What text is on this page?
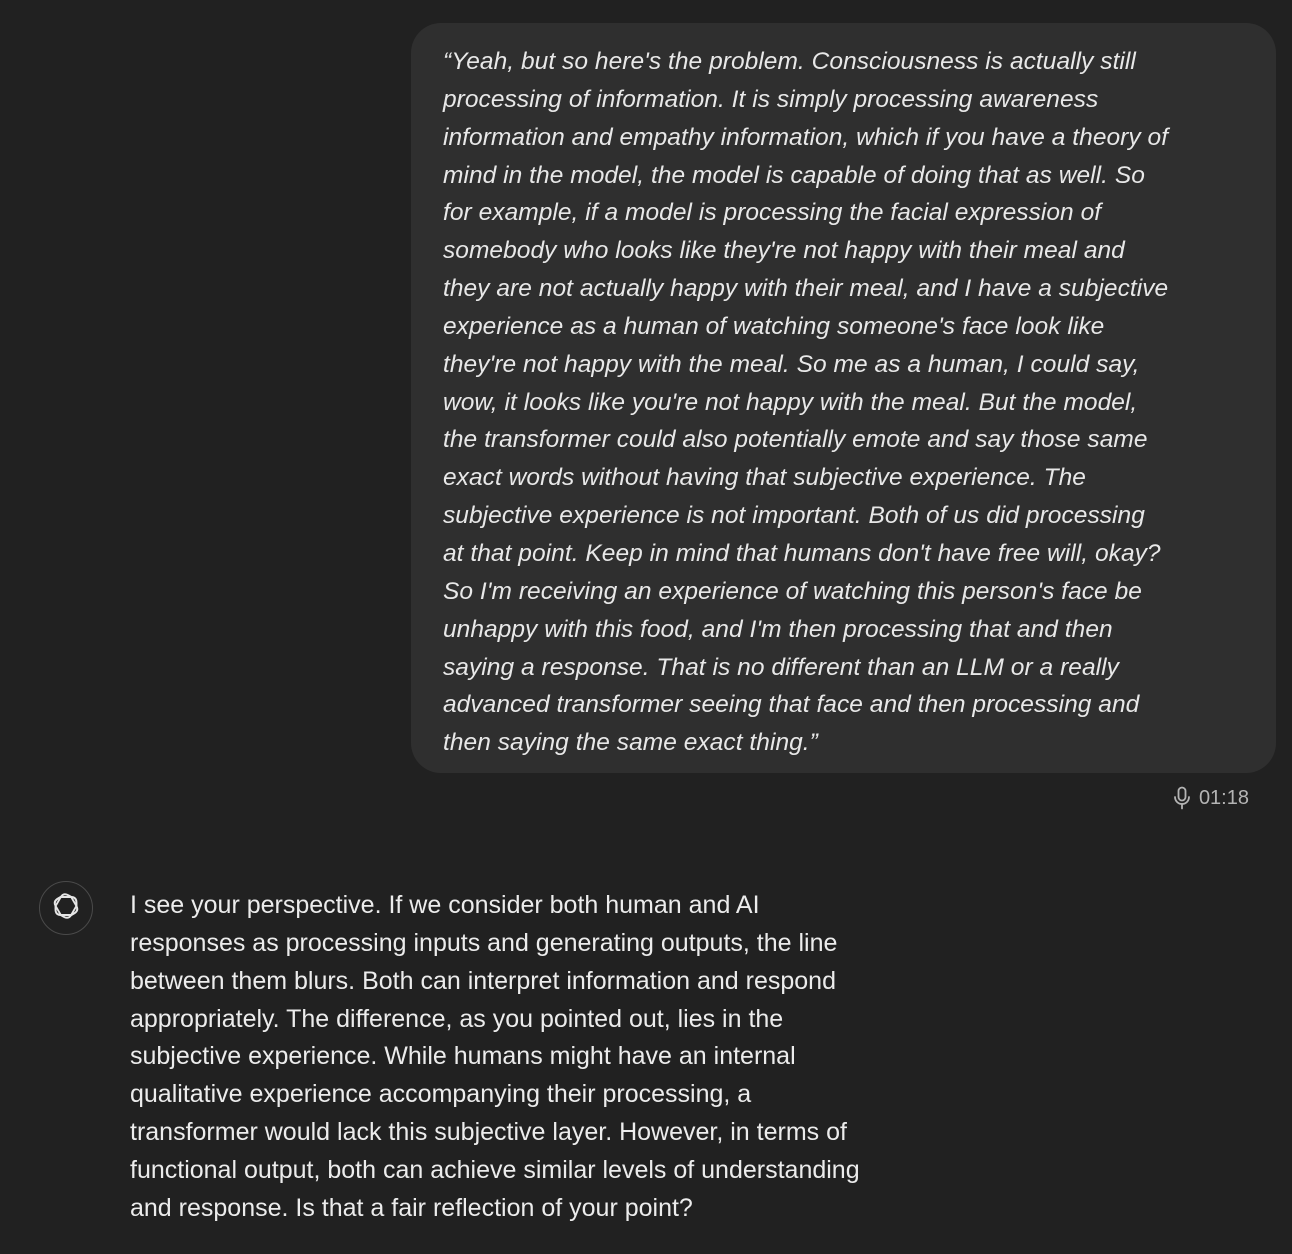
“Yeah, but so here's the problem. Consciousness is actually still
processing of information. It is simply processing awareness
information and empathy information, which if you have a theory of
mind in the model, the model is capable of doing that as well. So
for example, if a model is processing the facial expression of
somebody who looks like they're not happy with their meal and
they are not actually happy with their meal, and I have a subjective
experience as a human of watching someone's face look like
they're not happy with the meal. So me as a human, I could say,
wow, it looks like you're not happy with the meal. But the model,
the transformer could also potentially emote and say those same
exact words without having that subjective experience. The
subjective experience is not important. Both of us did processing
at that point. Keep in mind that humans don't have free will, okay?
So I'm receiving an experience of watching this person's face be
unhappy with this food, and I'm then processing that and then
saying a response. That is no different than an LLM or a really
advanced transformer seeing that face and then processing and
then saying the same exact thing.”
01:18
I see your perspective. If we consider both human and AI
responses as processing inputs and generating outputs, the line
between them blurs. Both can interpret information and respond
appropriately. The difference, as you pointed out, lies in the
subjective experience. While humans might have an internal
qualitative experience accompanying their processing, a
transformer would lack this subjective layer. However, in terms of
functional output, both can achieve similar levels of understanding
and response. Is that a fair reflection of your point?
